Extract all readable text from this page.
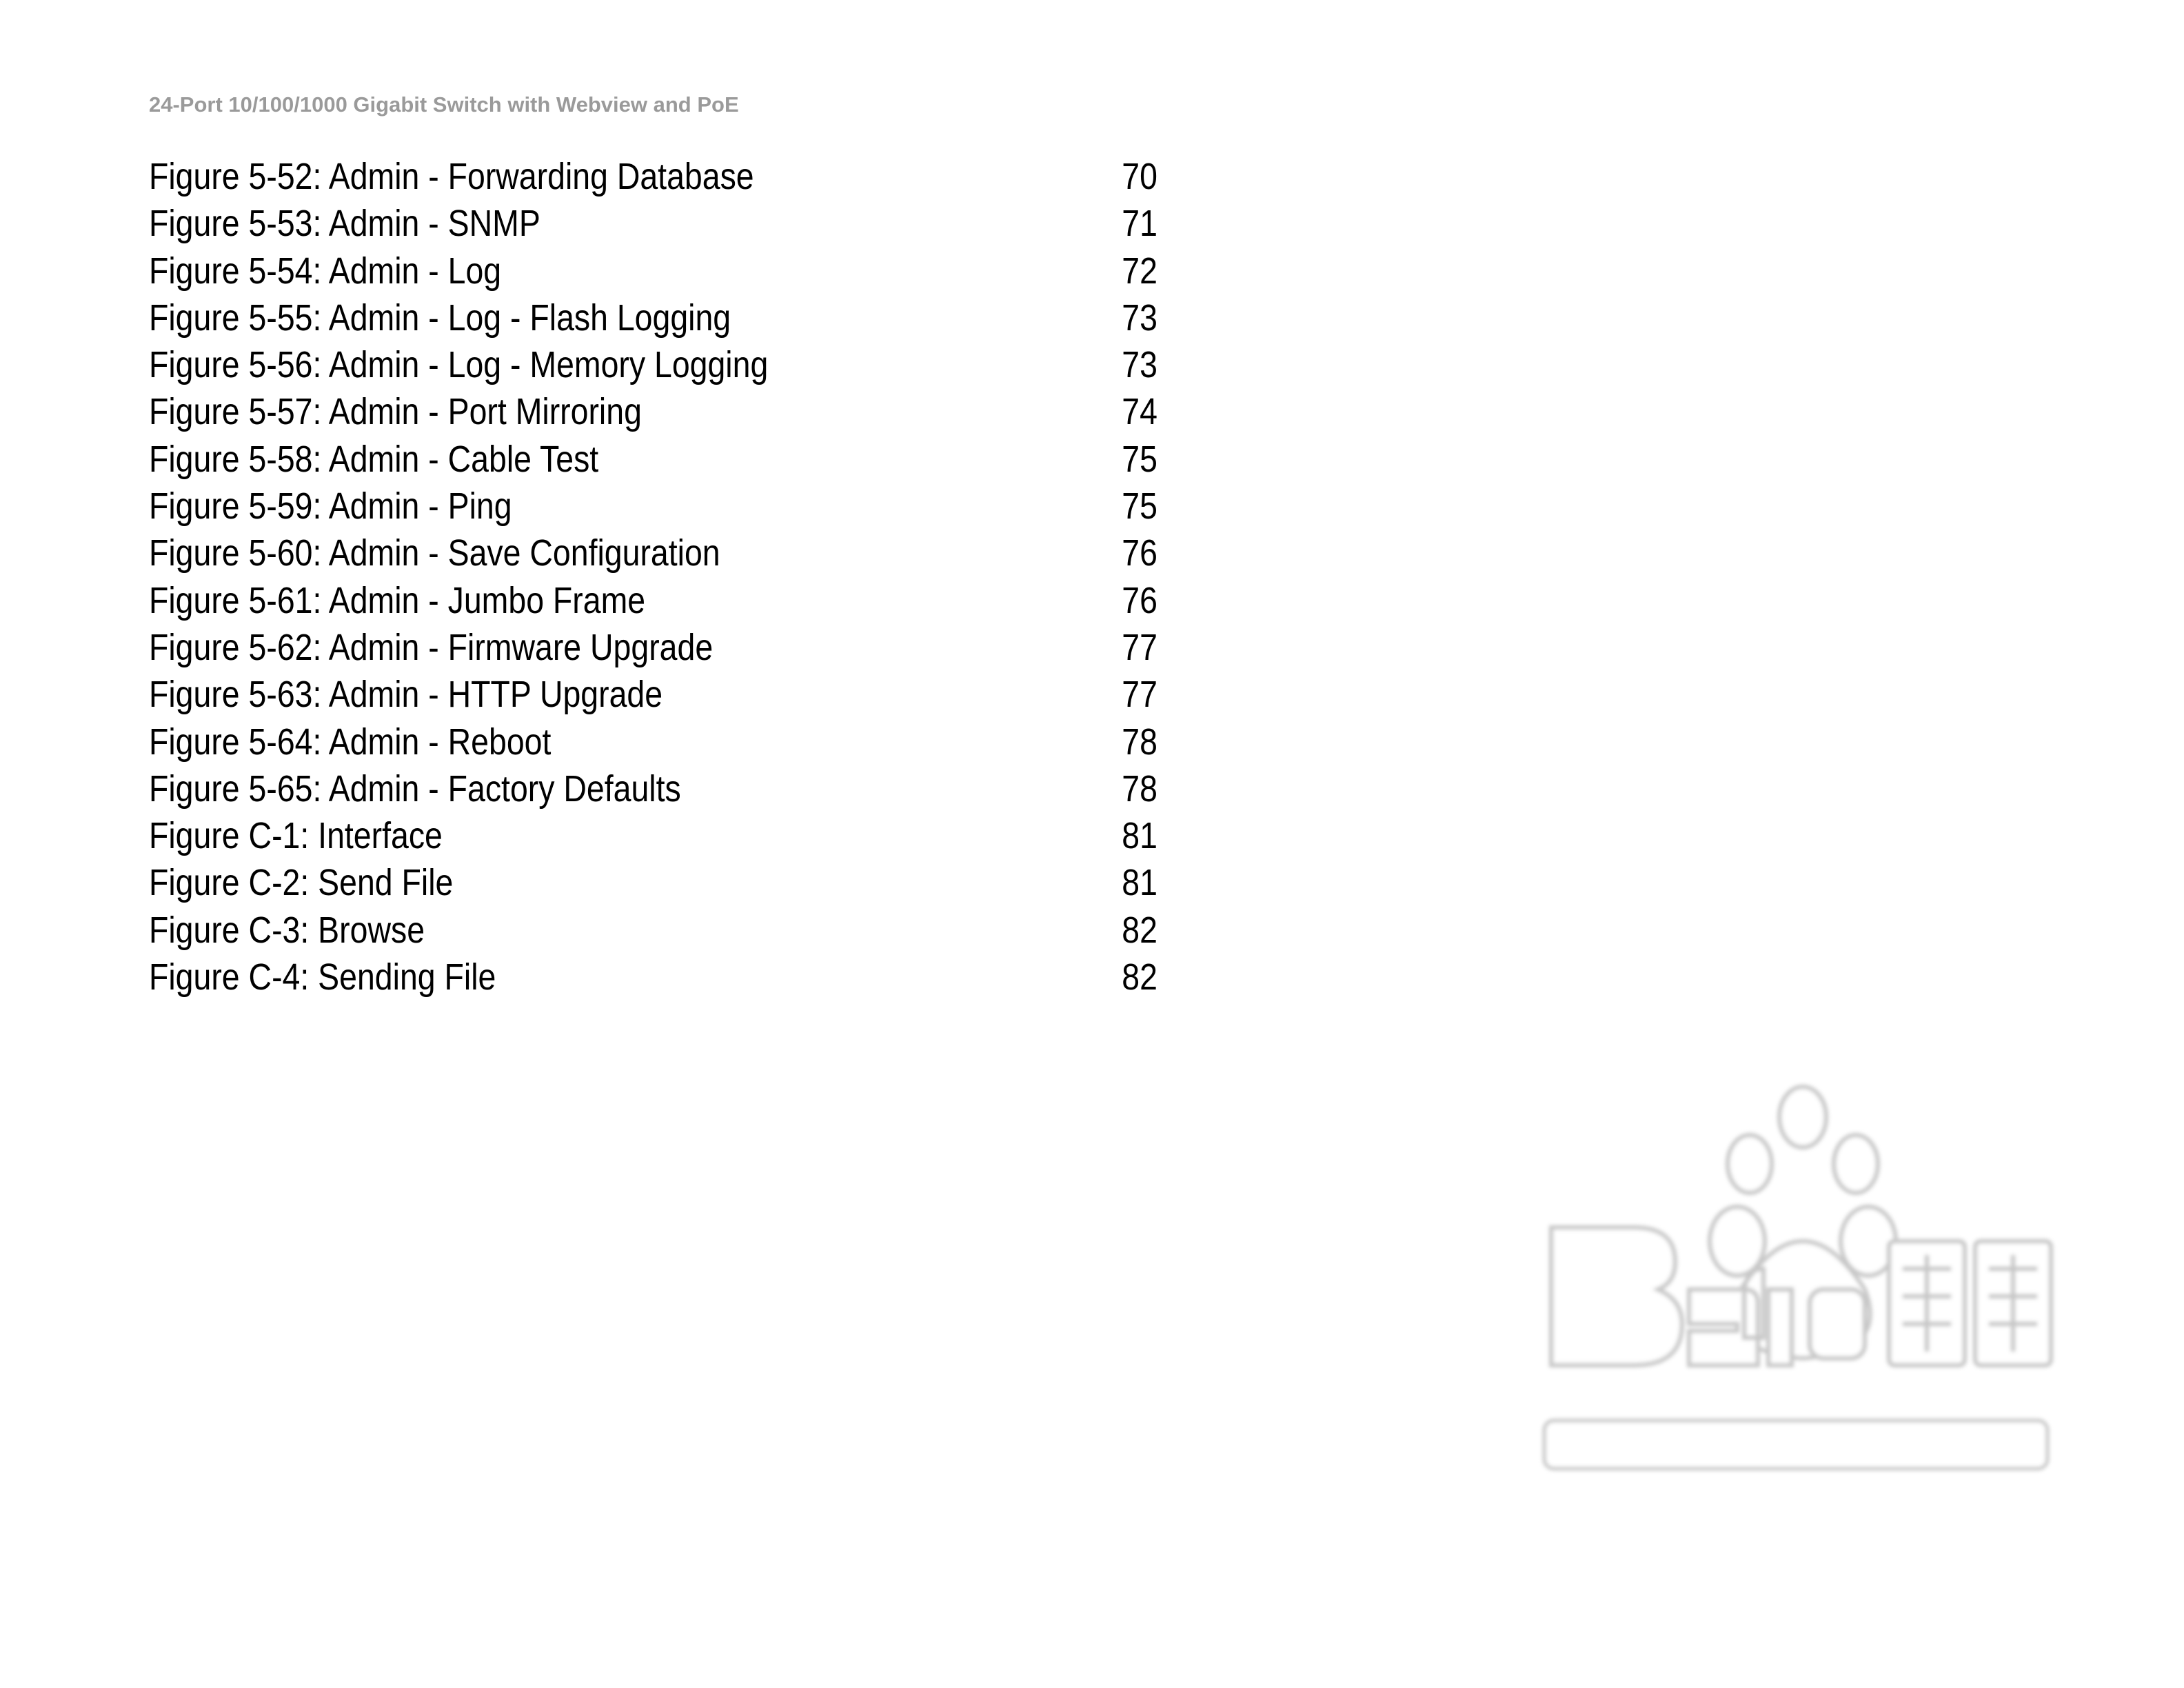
24-Port 10/100/1000 Gigabit Switch with Webview and PoE
Figure 5-52: Admin - Forwarding Database	70
Figure 5-53: Admin - SNMP	71
Figure 5-54: Admin - Log	72
Figure 5-55: Admin - Log - Flash Logging	73
Figure 5-56: Admin - Log - Memory Logging	73
Figure 5-57: Admin - Port Mirroring	74
Figure 5-58: Admin - Cable Test	75
Figure 5-59: Admin - Ping	75
Figure 5-60: Admin - Save Configuration	76
Figure 5-61: Admin - Jumbo Frame	76
Figure 5-62: Admin - Firmware Upgrade	77
Figure 5-63: Admin - HTTP Upgrade	77
Figure 5-64: Admin - Reboot	78
Figure 5-65: Admin - Factory Defaults	78
Figure C-1: Interface	81
Figure C-2: Send File	81
Figure C-3: Browse	82
Figure C-4: Sending File	82
